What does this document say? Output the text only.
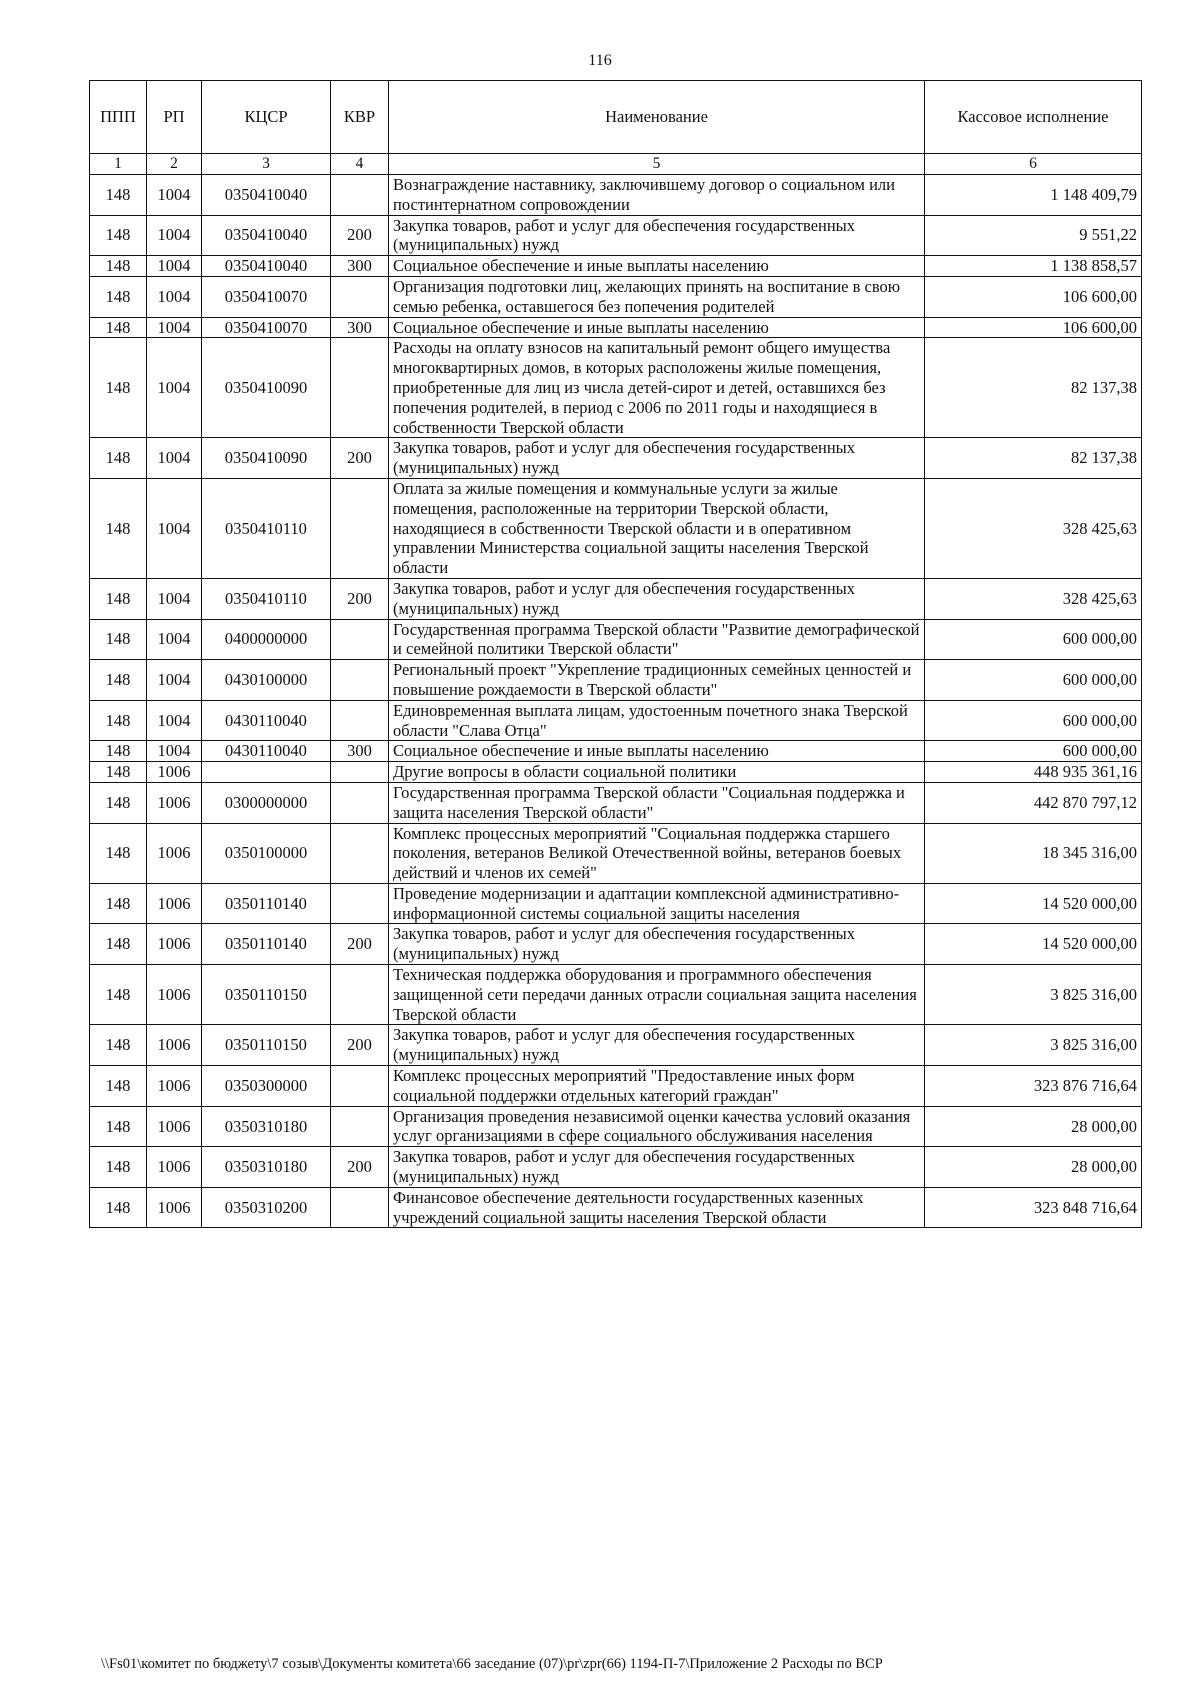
116
ППП	РП	КЦСР	КВР	Наименование	Кассовое исполнение
1	2	3	4	5	6
148	1004	0350410040		Вознаграждение наставнику, заключившему договор о социальном или постинтернатном сопровождении	1 148 409,79
148	1004	0350410040	200	Закупка товаров, работ и услуг для обеспечения государственных (муниципальных) нужд	9 551,22
148	1004	0350410040	300	Социальное обеспечение и иные выплаты населению	1 138 858,57
148	1004	0350410070		Организация подготовки лиц, желающих принять на воспитание в свою семью ребенка, оставшегося без попечения родителей	106 600,00
148	1004	0350410070	300	Социальное обеспечение и иные выплаты населению	106 600,00
148	1004	0350410090		Расходы на оплату взносов на капитальный ремонт общего имущества многоквартирных домов, в которых расположены жилые помещения, приобретенные для лиц из числа детей-сирот и детей, оставшихся без попечения родителей, в период с 2006 по 2011 годы и находящиеся в собственности Тверской области	82 137,38
148	1004	0350410090	200	Закупка товаров, работ и услуг для обеспечения государственных (муниципальных) нужд	82 137,38
148	1004	0350410110		Оплата за жилые помещения и коммунальные услуги за жилые помещения, расположенные на территории Тверской области, находящиеся в собственности Тверской области и в оперативном управлении Министерства социальной защиты населения Тверской области	328 425,63
148	1004	0350410110	200	Закупка товаров, работ и услуг для обеспечения государственных (муниципальных) нужд	328 425,63
148	1004	0400000000		Государственная программа Тверской области "Развитие демографической и семейной политики Тверской области"	600 000,00
148	1004	0430100000		Региональный проект "Укрепление традиционных семейных ценностей и повышение рождаемости в Тверской области"	600 000,00
148	1004	0430110040		Единовременная выплата лицам, удостоенным почетного знака Тверской области "Слава Отца"	600 000,00
148	1004	0430110040	300	Социальное обеспечение и иные выплаты населению	600 000,00
148	1006			Другие вопросы в области социальной политики	448 935 361,16
148	1006	0300000000		Государственная программа Тверской области "Социальная поддержка и защита населения Тверской области"	442 870 797,12
148	1006	0350100000		Комплекс процессных мероприятий "Социальная поддержка старшего поколения, ветеранов Великой Отечественной войны, ветеранов боевых действий и членов их семей"	18 345 316,00
148	1006	0350110140		Проведение модернизации и адаптации комплексной административно-информационной системы социальной защиты населения	14 520 000,00
148	1006	0350110140	200	Закупка товаров, работ и услуг для обеспечения государственных (муниципальных) нужд	14 520 000,00
148	1006	0350110150		Техническая поддержка оборудования и программного обеспечения защищенной сети передачи данных отрасли социальная защита населения Тверской области	3 825 316,00
148	1006	0350110150	200	Закупка товаров, работ и услуг для обеспечения государственных (муниципальных) нужд	3 825 316,00
148	1006	0350300000		Комплекс процессных мероприятий "Предоставление иных форм социальной поддержки отдельных категорий граждан"	323 876 716,64
148	1006	0350310180		Организация проведения независимой оценки качества условий оказания услуг организациями в сфере социального обслуживания населения	28 000,00
148	1006	0350310180	200	Закупка товаров, работ и услуг для обеспечения государственных (муниципальных) нужд	28 000,00
148	1006	0350310200		Финансовое обеспечение деятельности государственных казенных учреждений социальной защиты населения Тверской области	323 848 716,64
\\Fs01\комитет по бюджету\7 созыв\Документы комитета\66 заседание (07)\pr\zpr(66) 1194-П-7\Приложение 2 Расходы по ВСР
